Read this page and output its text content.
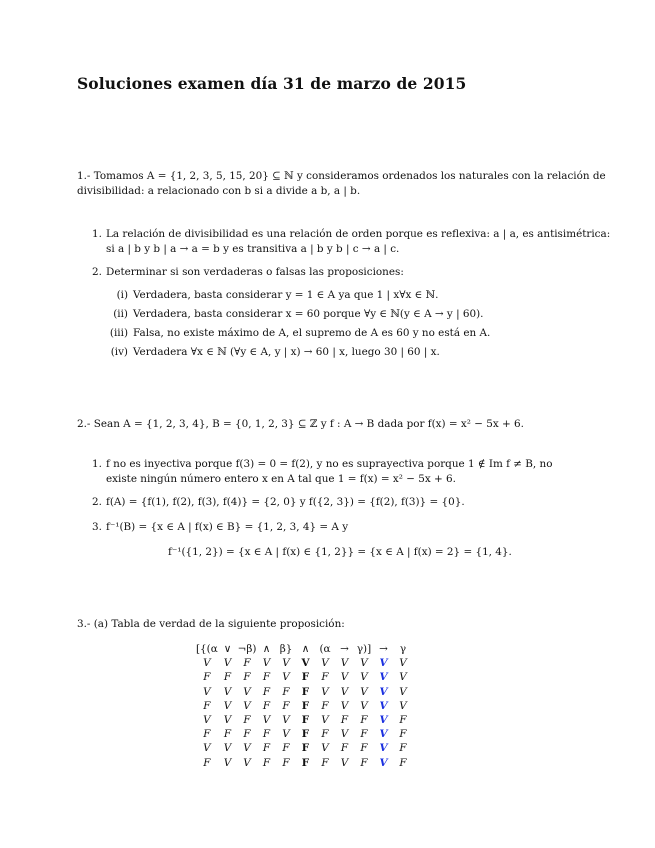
Soluciones examen día 31 de marzo de 2015
1.- Tomamos A = {1, 2, 3, 5, 15, 20} ⊆ ℕ y consideramos ordenados los naturales con la relación de
divisibilidad: a relacionado con b si a divide a b, a | b.
1. La relación de divisibilidad es una relación de orden porque es reflexiva: a | a, es antisimétrica:
si a | b y b | a → a = b y es transitiva a | b y b | c → a | c.
2. Determinar si son verdaderas o falsas las proposiciones:
(i) Verdadera, basta considerar y = 1 ∈ A ya que 1 | x∀x ∈ ℕ.
(ii) Verdadera, basta considerar x = 60 porque ∀y ∈ ℕ(y ∈ A → y | 60).
(iii) Falsa, no existe máximo de A, el supremo de A es 60 y no está en A.
(iv) Verdadera ∀x ∈ ℕ (∀y ∈ A, y | x) → 60 | x, luego 30 | 60 | x.
2.- Sean A = {1, 2, 3, 4}, B = {0, 1, 2, 3} ⊆ ℤ y f : A → B dada por f(x) = x² − 5x + 6.
1. f no es inyectiva porque f(3) = 0 = f(2), y no es suprayectiva porque 1 ∉ Im f ≠ B, no
existe ningún número entero x en A tal que 1 = f(x) = x² − 5x + 6.
2. f(A) = {f(1), f(2), f(3), f(4)} = {2, 0} y f({2, 3}) = {f(2), f(3)} = {0}.
3. f⁻¹(B) = {x ∈ A | f(x) ∈ B} = {1, 2, 3, 4} = A y
f⁻¹({1, 2}) = {x ∈ A | f(x) ∈ {1, 2}} = {x ∈ A | f(x) = 2} = {1, 4}.
3.- (a) Tabla de verdad de la siguiente proposición:
[{(α	∨	¬β)	∧	β}	∧	(α	→	γ)]	→	γ
V	V	F	V	V	V	V	V	V	V	V
F	F	F	F	V	F	F	V	V	V	V
V	V	V	F	F	F	V	V	V	V	V
F	V	V	F	F	F	F	V	V	V	V
V	V	F	V	V	F	V	F	F	V	F
F	F	F	F	V	F	F	V	F	V	F
V	V	V	F	F	F	V	F	F	V	F
F	V	V	F	F	F	F	V	F	V	F
